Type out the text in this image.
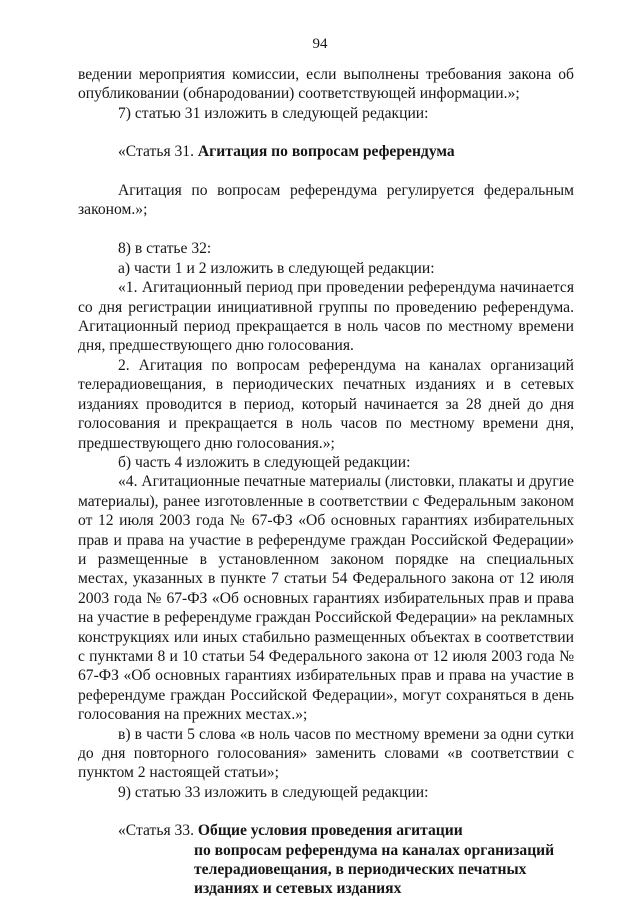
94

ведении мероприятия комиссии, если выполнены требования закона об опубликовании (обнародовании) соответствующей информации.»;

7) статью 31 изложить в следующей редакции:

«Статья 31. Агитация по вопросам референдума

Агитация по вопросам референдума регулируется федеральным законом.»;

8) в статье 32:

а) части 1 и 2 изложить в следующей редакции:

«1. Агитационный период при проведении референдума начинается со дня регистрации инициативной группы по проведению референдума. Агитационный период прекращается в ноль часов по местному времени дня, предшествующего дню голосования.

2. Агитация по вопросам референдума на каналах организаций телерадиовещания, в периодических печатных изданиях и в сетевых изданиях проводится в период, который начинается за 28 дней до дня голосования и прекращается в ноль часов по местному времени дня, предшествующего дню голосования.»;

б) часть 4 изложить в следующей редакции:

«4. Агитационные печатные материалы (листовки, плакаты и другие материалы), ранее изготовленные в соответствии с Федеральным законом от 12 июля 2003 года № 67-ФЗ «Об основных гарантиях избирательных прав и права на участие в референдуме граждан Российской Федерации» и размещенные в установленном законом порядке на специальных местах, указанных в пункте 7 статьи 54 Федерального закона от 12 июля 2003 года № 67-ФЗ «Об основных гарантиях избирательных прав и права на участие в референдуме граждан Российской Федерации» на рекламных конструкциях или иных стабильно размещенных объектах в соответствии с пунктами 8 и 10 статьи 54 Федерального закона от 12 июля 2003 года № 67-ФЗ «Об основных гарантиях избирательных прав и права на участие в референдуме граждан Российской Федерации», могут сохраняться в день голосования на прежних местах.»;

в) в части 5 слова «в ноль часов по местному времени за одни сутки до дня повторного голосования» заменить словами «в соответствии с пунктом 2 настоящей статьи»;

9) статью 33 изложить в следующей редакции:

«Статья 33. Общие условия проведения агитации

по вопросам референдума на каналах организаций

телерадиовещания, в периодических печатных

изданиях и сетевых изданиях
